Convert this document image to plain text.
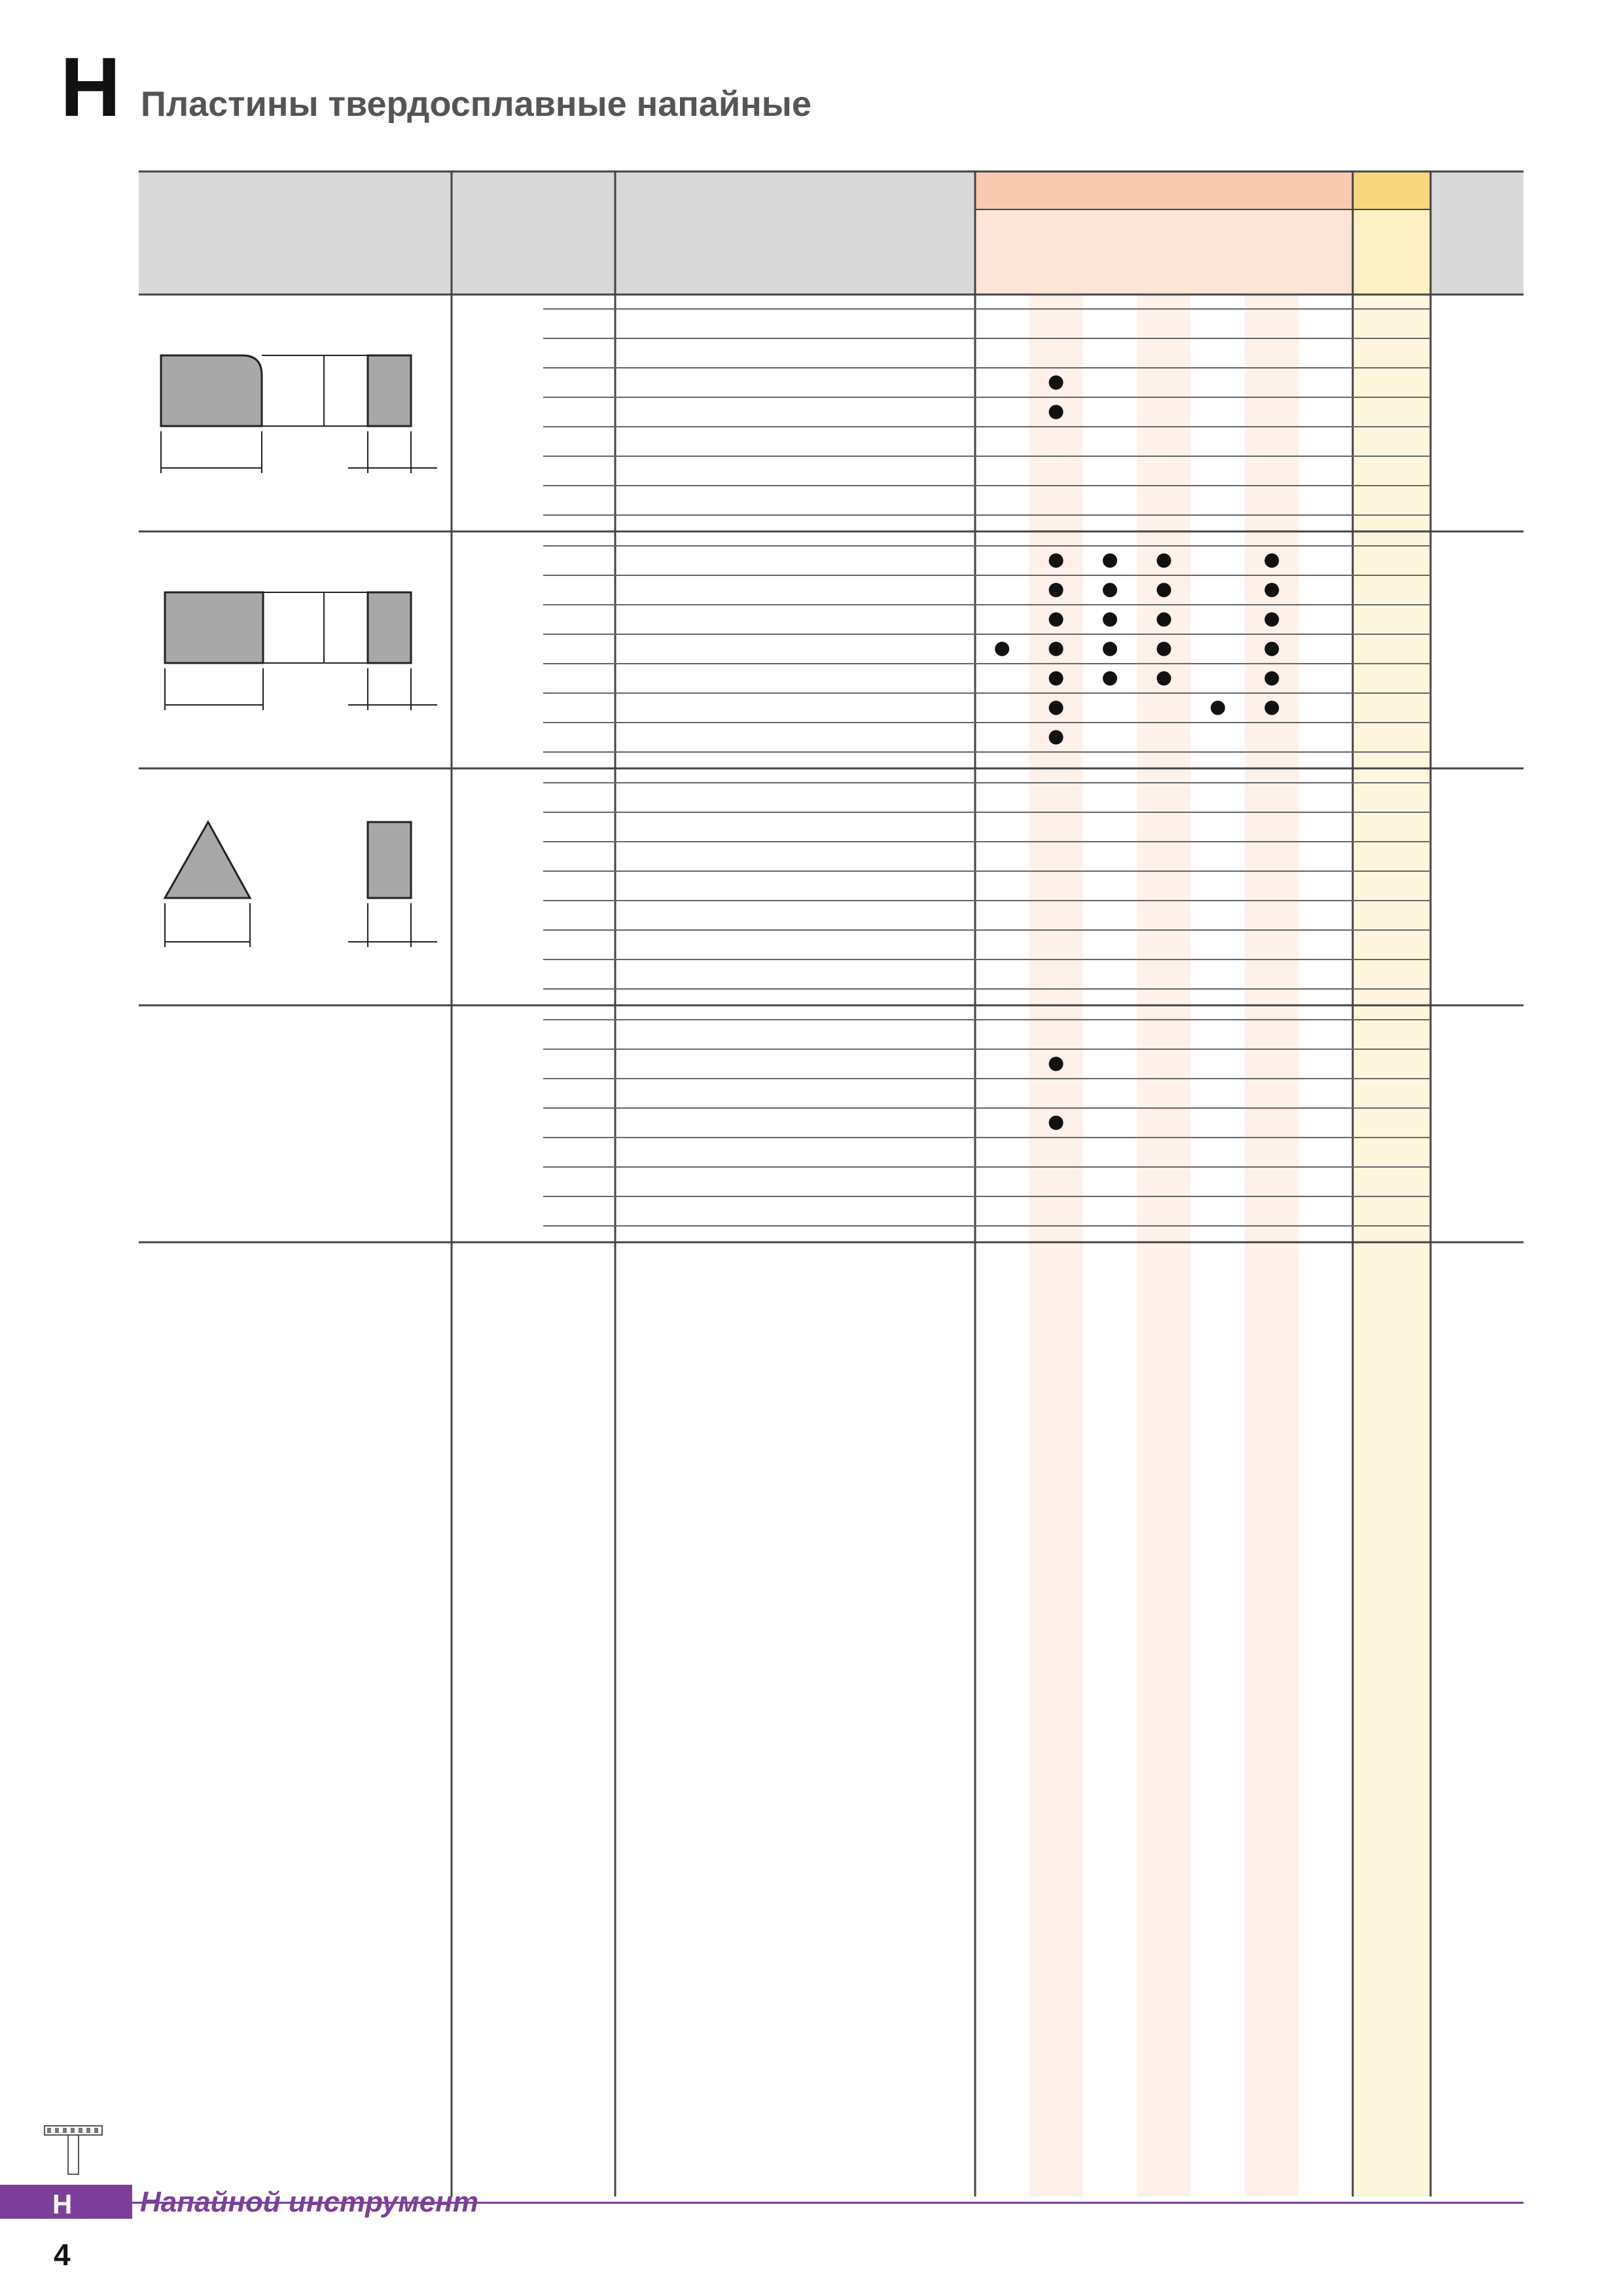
H Пластины твердосплавные напайные
H Напайной инструмент
4
